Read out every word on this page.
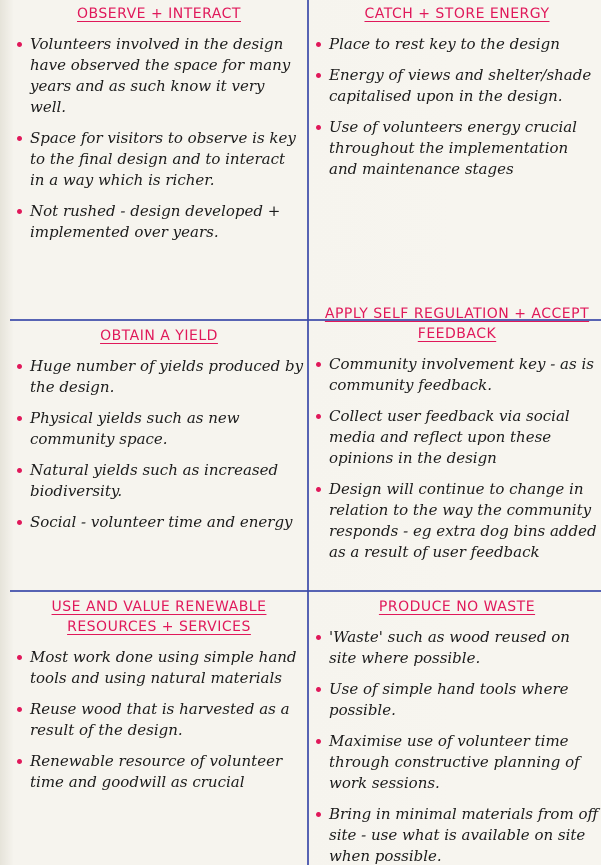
OBSERVE + INTERACT
Volunteers involved in the design have observed the space for many years and as such know it very well.
Space for visitors to observe is key to the final design and to interact in a way which is richer.
Not rushed - design developed + implemented over years.
CATCH + STORE ENERGY
Place to rest key to the design
Energy of views and shelter/shade capitalised upon in the design.
Use of volunteers energy crucial throughout the implementation and maintenance stages
OBTAIN A YIELD
Huge number of yields produced by the design.
Physical yields such as new community space.
Natural yields such as increased biodiversity.
Social - volunteer time and energy
APPLY SELF REGULATION + ACCEPT FEEDBACK
Community involvement key - as is community feedback.
Collect user feedback via social media and reflect upon these opinions in the design
Design will continue to change in relation to the way the community responds - eg extra dog bins added as a result of user feedback
USE AND VALUE RENEWABLE RESOURCES + SERVICES
Most work done using simple hand tools and using natural materials
Reuse wood that is harvested as a result of the design.
Renewable resource of volunteer time and goodwill as crucial
PRODUCE NO WASTE
'Waste' such as wood reused on site where possible.
Use of simple hand tools where possible.
Maximise use of volunteer time through constructive planning of work sessions.
Bring in minimal materials from off site - use what is available on site when possible.
